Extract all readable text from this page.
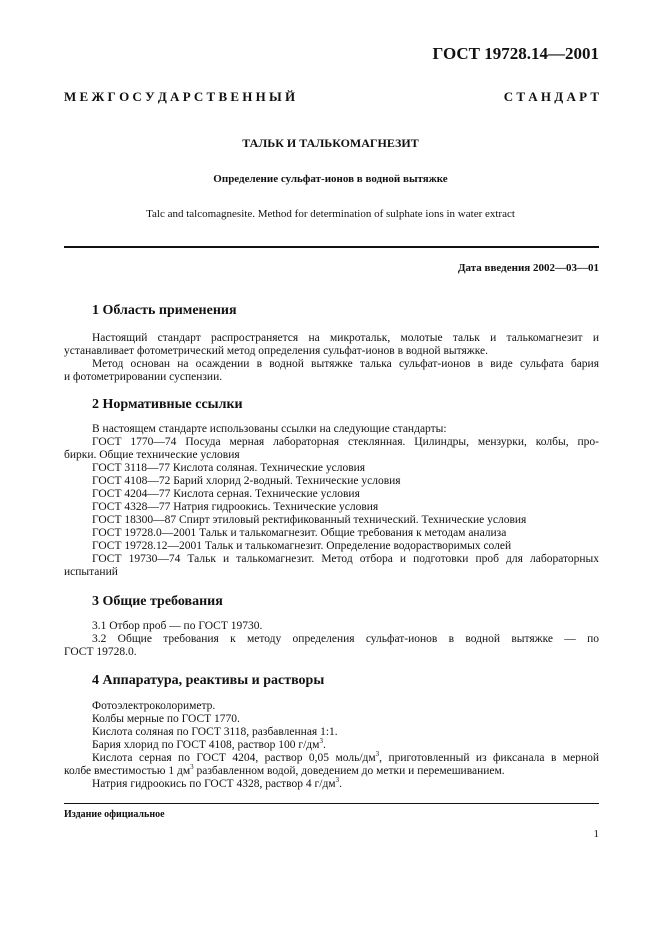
ГОСТ 19728.14—2001
М Е Ж Г О С У Д А Р С Т В Е Н Н Ы Й	С Т А Н Д А Р Т
ТАЛЬК И ТАЛЬКОМАГНЕЗИТ
Определение сульфат-ионов в водной вытяжке
Talc and talcomagnesite. Method for determination of sulphate ions in water extract
Дата введения 2002—03—01
1 Область применения
Настоящий стандарт распространяется на микротальк, молотые тальк и талькомагнезит и
устанавливает фотометрический метод определения сульфат-ионов в водной вытяжке.
Метод основан на осаждении в водной вытяжке талька сульфат-ионов в виде сульфата бария
и фотометрировании суспензии.
2 Нормативные ссылки
В настоящем стандарте использованы ссылки на следующие стандарты:
ГОСТ 1770—74 Посуда мерная лабораторная стеклянная. Цилиндры, мензурки, колбы, про-
бирки. Общие технические условия
ГОСТ 3118—77 Кислота соляная. Технические условия
ГОСТ 4108—72 Барий хлорид 2-водный. Технические условия
ГОСТ 4204—77 Кислота серная. Технические условия
ГОСТ 4328—77 Натрия гидроокись. Технические условия
ГОСТ 18300—87 Спирт этиловый ректификованный технический. Технические условия
ГОСТ 19728.0—2001 Тальк и талькомагнезит. Общие требования к методам анализа
ГОСТ 19728.12—2001 Тальк и талькомагнезит. Определение водорастворимых солей
ГОСТ 19730—74 Тальк и талькомагнезит. Метод отбора и подготовки проб для лабораторных
испытаний
3 Общие требования
3.1 Отбор проб — по ГОСТ 19730.
3.2 Общие требования к методу определения сульфат-ионов в водной вытяжке — по
ГОСТ 19728.0.
4 Аппаратура, реактивы и растворы
Фотоэлектроколориметр.
Колбы мерные по ГОСТ 1770.
Кислота соляная по ГОСТ 3118, разбавленная 1:1.
Бария хлорид по ГОСТ 4108, раствор 100 $г/дм^3$.
Кислота серная по ГОСТ 4204, раствор 0,05 моль/$дм^3$, приготовленный из фиксанала в мерной
колбе вместимостью 1 $дм^3$ разбавленном водой, доведением до метки и перемешиванием.
Натрия гидроокись по ГОСТ 4328, раствор 4 $г/дм^3$.
Издание официальное
1
